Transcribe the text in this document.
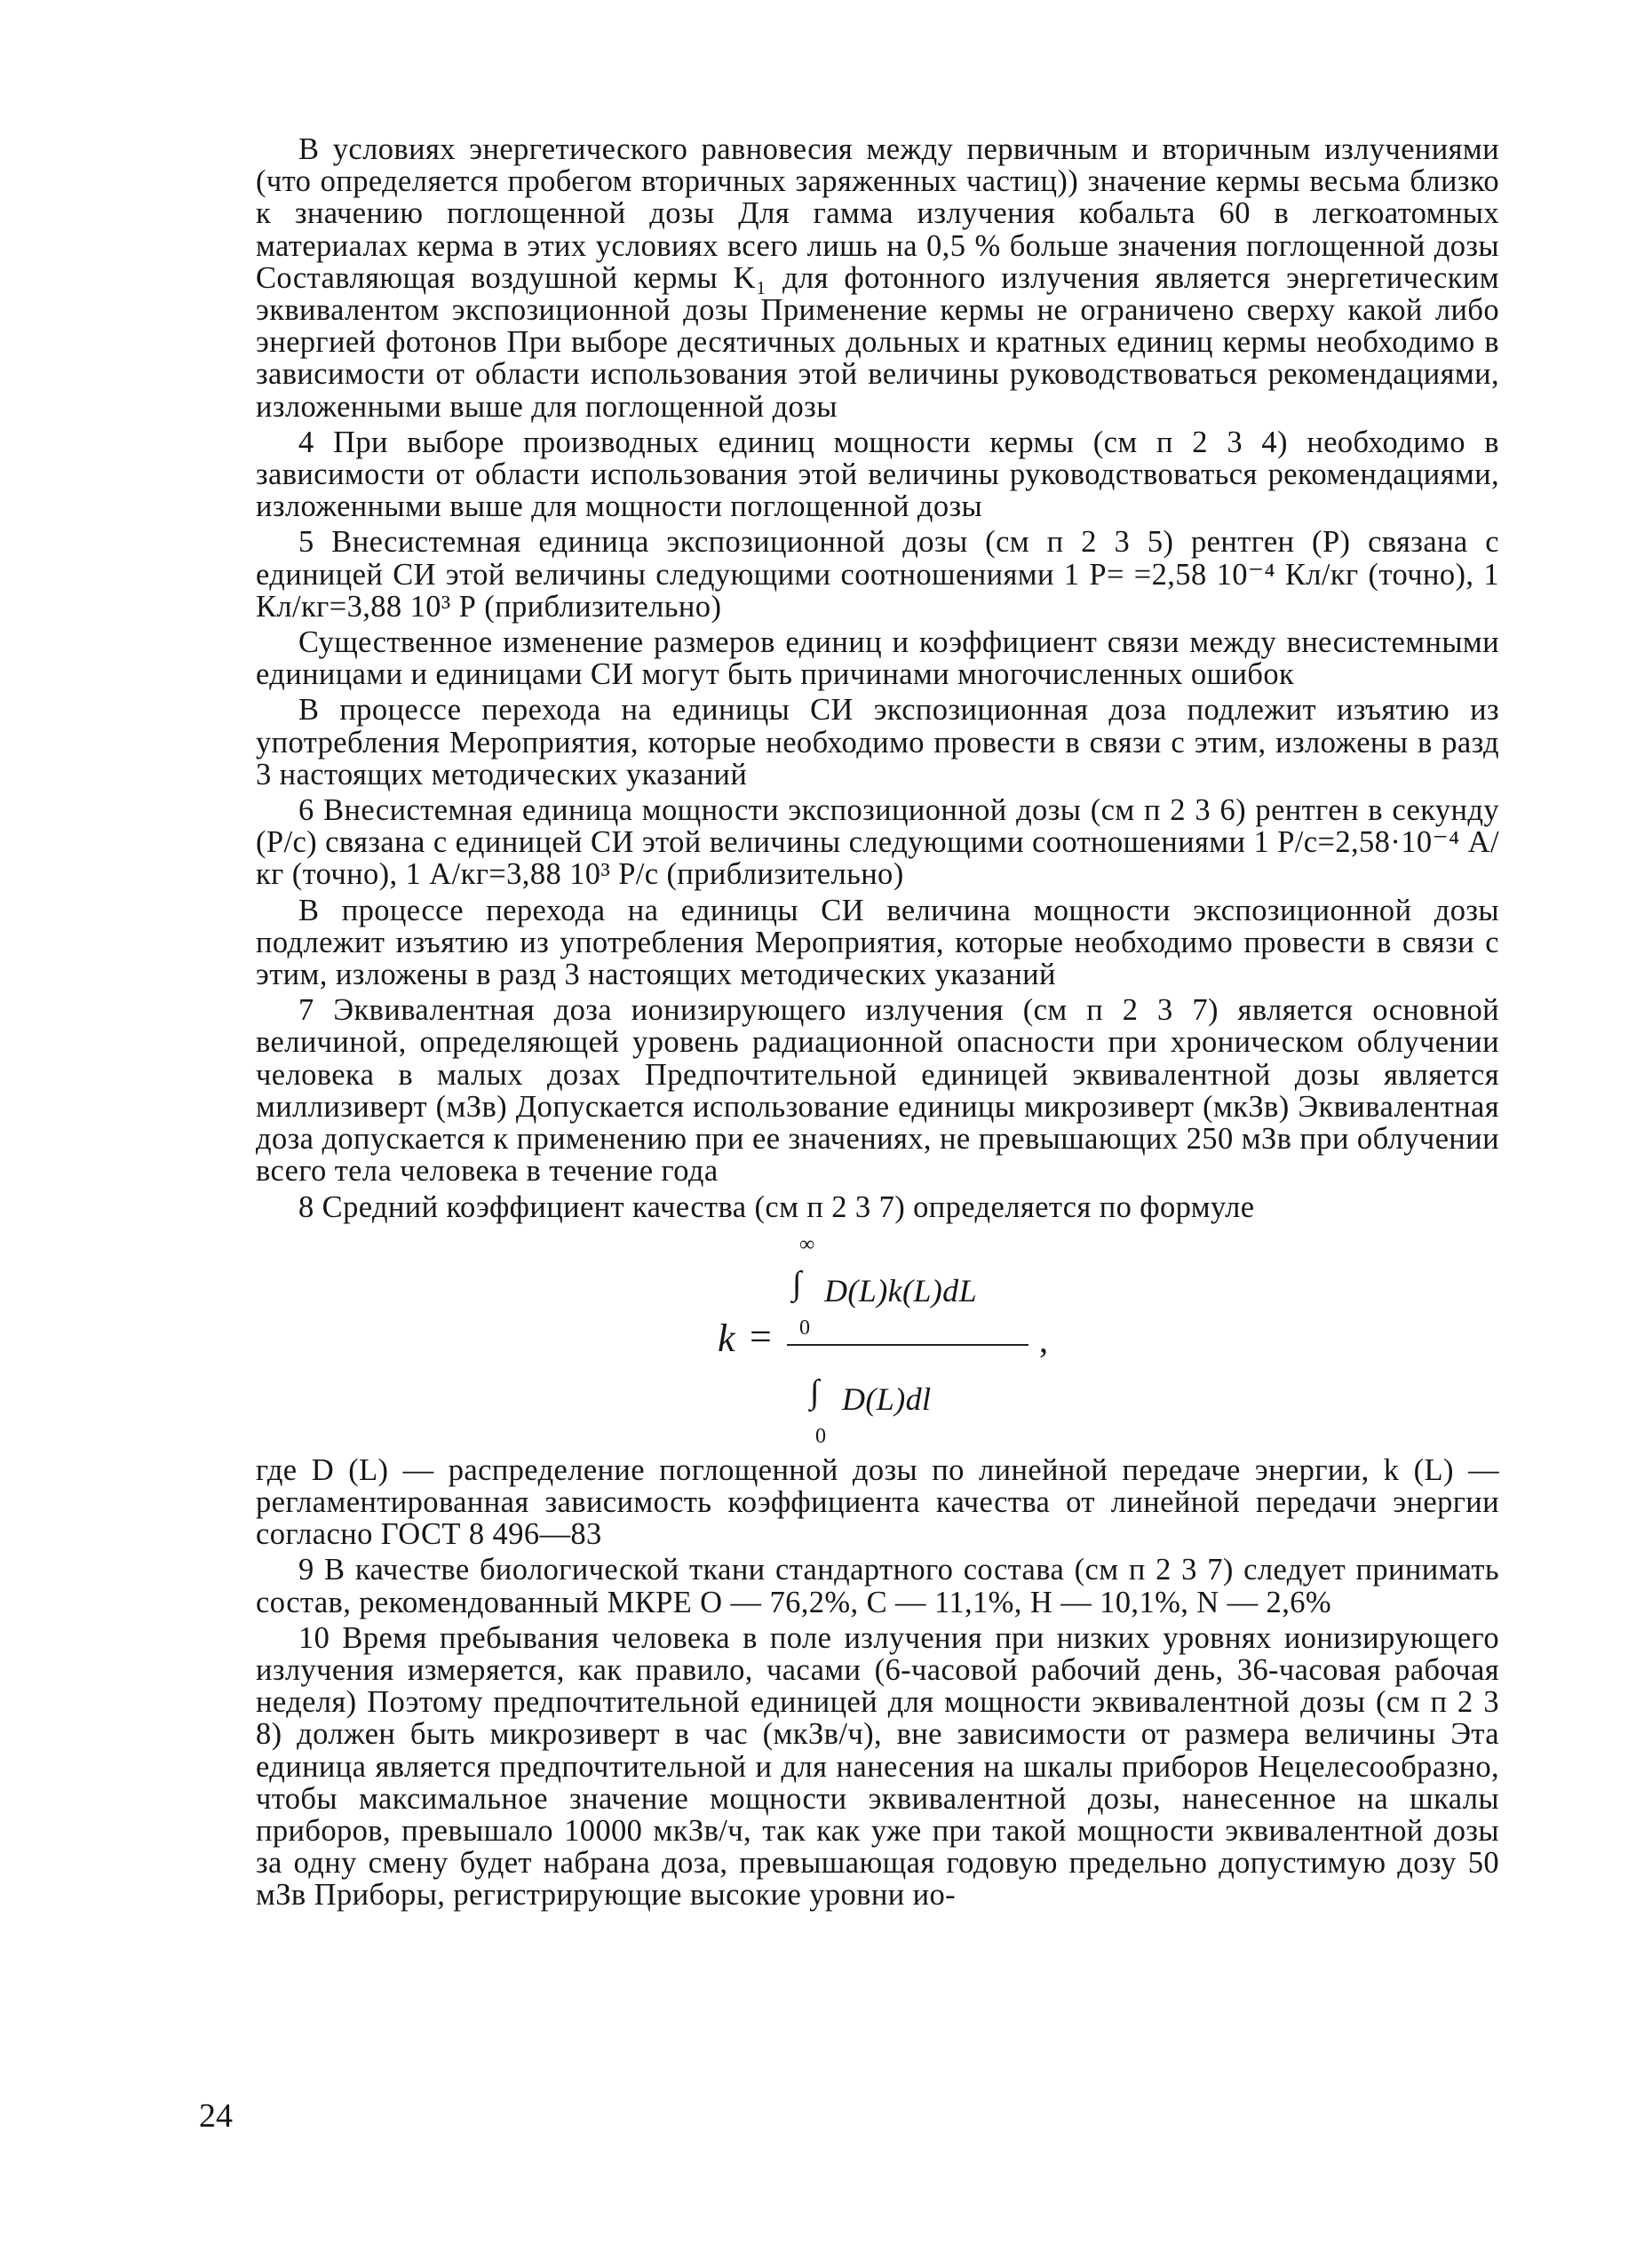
В условиях энергетического равновесия между первичным и вторичным излучениями (что определяется пробегом вторичных заряженных частиц)) значение кермы весьма близко к значению поглощенной дозы Для гамма излучения кобальта 60 в легкоатомных материалах керма в этих условиях всего лишь на 0,5 % больше значения поглощенной дозы Составляющая воздушной кермы K₁ для фотонного излучения является энергетическим эквивалентом экспозиционной дозы Применение кермы не ограничено сверху какой либо энергией фотонов При выборе десятичных дольных и кратных единиц кермы необходимо в зависимости от области использования этой величины руководствоваться рекомендациями, изложенными выше для поглощенной дозы

4 При выборе производных единиц мощности кермы (см п 2 3 4) необходимо в зависимости от области использования этой величины руководствоваться рекомендациями, изложенными выше для мощности поглощенной дозы

5 Внесистемная единица экспозиционной дозы (см п 2 3 5) рентген (Р) связана с единицей СИ этой величины следующими соотношениями 1 Р= =2,58 10⁻⁴ Кл/кг (точно), 1 Кл/кг=3,88 10³ Р (приблизительно)

Существенное изменение размеров единиц и коэффициент связи между внесистемными единицами и единицами СИ могут быть причинами многочисленных ошибок

В процессе перехода на единицы СИ экспозиционная доза подлежит изъятию из употребления Мероприятия, которые необходимо провести в связи с этим, изложены в разд 3 настоящих методических указаний

6 Внесистемная единица мощности экспозиционной дозы (см п 2 3 6) рентген в секунду (Р/с) связана с единицей СИ этой величины следующими соотношениями 1 Р/с=2,58·10⁻⁴ А/кг (точно), 1 А/кг=3,88 10³ Р/с (приблизительно)

В процессе перехода на единицы СИ величина мощности экспозиционной дозы подлежит изъятию из употребления Мероприятия, которые необходимо провести в связи с этим, изложены в разд 3 настоящих методических указаний

7 Эквивалентная доза ионизирующего излучения (см п 2 3 7) является основной величиной, определяющей уровень радиационной опасности при хроническом облучении человека в малых дозах Предпочтительной единицей эквивалентной дозы является миллизиверт (мЗв) Допускается использование единицы микрозиверт (мкЗв) Эквивалентная доза допускается к применению при ее значениях, не превышающих 250 мЗв при облучении всего тела человека в течение года

8 Средний коэффициент качества (см п 2 3 7) определяется по формуле

∞
∫
0
D(L)k(L)dL
k =	,
∫ D(L)dl
0

где D (L) — распределение поглощенной дозы по линейной передаче энергии, k (L) — регламентированная зависимость коэффициента качества от линейной передачи энергии согласно ГОСТ 8 496—83

9 В качестве биологической ткани стандартного состава (см п 2 3 7) следует принимать состав, рекомендованный МКРЕ O — 76,2%, C — 11,1%, H — 10,1%, N — 2,6%

10 Время пребывания человека в поле излучения при низких уровнях ионизирующего излучения измеряется, как правило, часами (6-часовой рабочий день, 36-часовая рабочая неделя) Поэтому предпочтительной единицей для мощности эквивалентной дозы (см п 2 3 8) должен быть микрозиверт в час (мкЗв/ч), вне зависимости от размера величины Эта единица является предпочтительной и для нанесения на шкалы приборов Нецелесообразно, чтобы максимальное значение мощности эквивалентной дозы, нанесенное на шкалы приборов, превышало 10000 мкЗв/ч, так как уже при такой мощности эквивалентной дозы за одну смену будет набрана доза, превышающая годовую предельно допустимую дозу 50 мЗв Приборы, регистрирующие высокие уровни ио-

24
